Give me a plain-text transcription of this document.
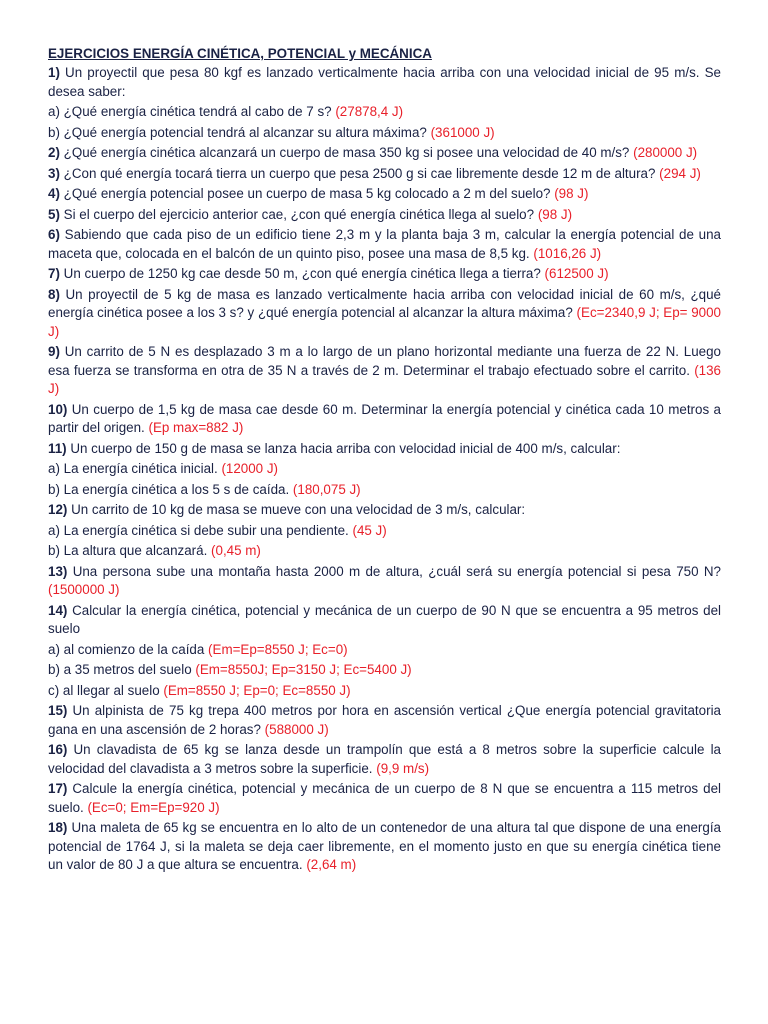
EJERCICIOS ENERGÍA CINÉTICA, POTENCIAL y MECÁNICA

1) Un proyectil que pesa 80 kgf es lanzado verticalmente hacia arriba con una velocidad inicial de 95 m/s. Se desea saber:

a) ¿Qué energía cinética tendrá al cabo de 7 s? (27878,4 J)

b) ¿Qué energía potencial tendrá al alcanzar su altura máxima? (361000 J)

2) ¿Qué energía cinética alcanzará un cuerpo de masa 350 kg si posee una velocidad de 40 m/s? (280000 J)

3) ¿Con qué energía tocará tierra un cuerpo que pesa 2500 g si cae libremente desde 12 m de altura? (294 J)

4) ¿Qué energía potencial posee un cuerpo de masa 5 kg colocado a 2 m del suelo? (98 J)

5) Si el cuerpo del ejercicio anterior cae, ¿con qué energía cinética llega al suelo? (98 J)

6) Sabiendo que cada piso de un edificio tiene 2,3 m y la planta baja 3 m, calcular la energía potencial de una maceta que, colocada en el balcón de un quinto piso, posee una masa de 8,5 kg. (1016,26 J)

7) Un cuerpo de 1250 kg cae desde 50 m, ¿con qué energía cinética llega a tierra? (612500 J)

8) Un proyectil de 5 kg de masa es lanzado verticalmente hacia arriba con velocidad inicial de 60 m/s, ¿qué energía cinética posee a los 3 s? y ¿qué energía potencial al alcanzar la altura máxima? (Ec=2340,9 J; Ep= 9000 J)

9) Un carrito de 5 N es desplazado 3 m a lo largo de un plano horizontal mediante una fuerza de 22 N. Luego esa fuerza se transforma en otra de 35 N a través de 2 m. Determinar el trabajo efectuado sobre el carrito. (136 J)

10) Un cuerpo de 1,5 kg de masa cae desde 60 m. Determinar la energía potencial y cinética cada 10 metros a partir del origen. (Ep max=882 J)

11) Un cuerpo de 150 g de masa se lanza hacia arriba con velocidad inicial de 400 m/s, calcular:

a) La energía cinética inicial. (12000 J)

b) La energía cinética a los 5 s de caída. (180,075 J)

12) Un carrito de 10 kg de masa se mueve con una velocidad de 3 m/s, calcular:

a) La energía cinética si debe subir una pendiente. (45 J)

b) La altura que alcanzará. (0,45 m)

13) Una persona sube una montaña hasta 2000 m de altura, ¿cuál será su energía potencial si pesa 750 N? (1500000 J)

14) Calcular la energía cinética, potencial y mecánica de un cuerpo de 90 N que se encuentra a 95 metros del suelo

a) al comienzo de la caída (Em=Ep=8550 J; Ec=0)

b) a 35 metros del suelo (Em=8550J; Ep=3150 J; Ec=5400 J)

c) al llegar al suelo (Em=8550 J; Ep=0; Ec=8550 J)

15) Un alpinista de 75 kg trepa 400 metros por hora en ascensión vertical ¿Que energía potencial gravitatoria gana en una ascensión de 2 horas? (588000 J)

16) Un clavadista de 65 kg se lanza desde un trampolín que está a 8 metros sobre la superficie calcule la velocidad del clavadista a 3 metros sobre la superficie. (9,9 m/s)

17) Calcule la energía cinética, potencial y mecánica de un cuerpo de 8 N que se encuentra a 115 metros del suelo. (Ec=0; Em=Ep=920 J)

18) Una maleta de 65 kg se encuentra en lo alto de un contenedor de una altura tal que dispone de una energía potencial de 1764 J, si la maleta se deja caer libremente, en el momento justo en que su energía cinética tiene un valor de 80 J a que altura se encuentra. (2,64 m)
